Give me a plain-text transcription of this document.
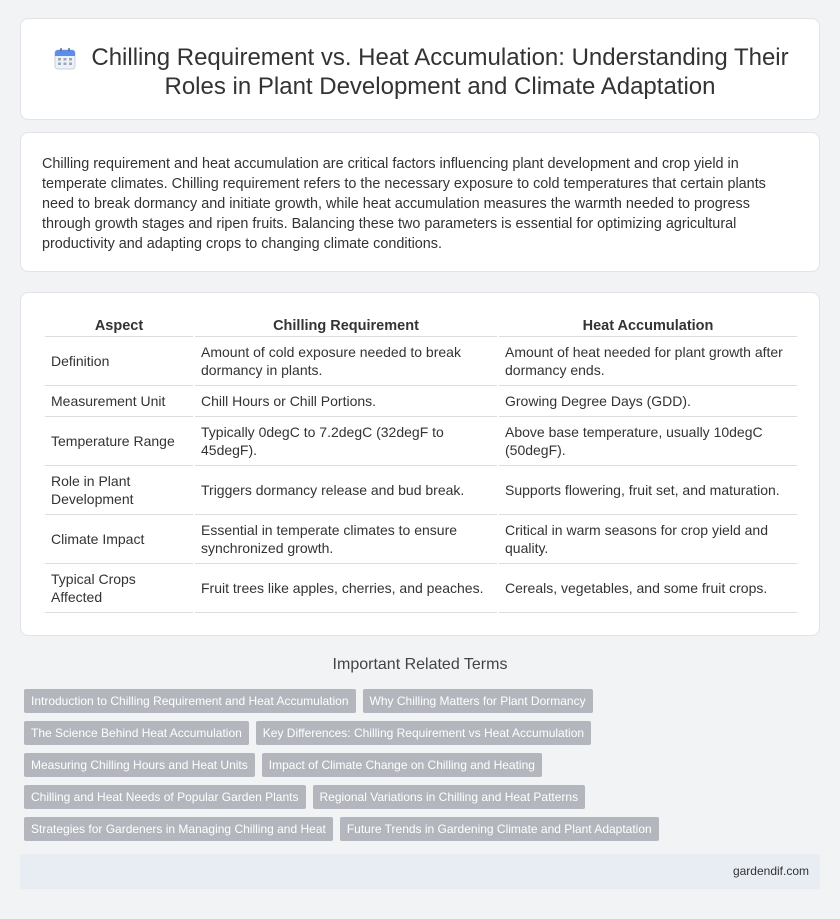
Chilling Requirement vs. Heat Accumulation: Understanding Their Roles in Plant Development and Climate Adaptation

Chilling requirement and heat accumulation are critical factors influencing plant development and crop yield in temperate climates. Chilling requirement refers to the necessary exposure to cold temperatures that certain plants need to break dormancy and initiate growth, while heat accumulation measures the warmth needed to progress through growth stages and ripen fruits. Balancing these two parameters is essential for optimizing agricultural productivity and adapting crops to changing climate conditions.

Aspect	Chilling Requirement	Heat Accumulation
Definition	Amount of cold exposure needed to break dormancy in plants.	Amount of heat needed for plant growth after dormancy ends.
Measurement Unit	Chill Hours or Chill Portions.	Growing Degree Days (GDD).
Temperature Range	Typically 0degC to 7.2degC (32degF to 45degF).	Above base temperature, usually 10degC (50degF).
Role in Plant Development	Triggers dormancy release and bud break.	Supports flowering, fruit set, and maturation.
Climate Impact	Essential in temperate climates to ensure synchronized growth.	Critical in warm seasons for crop yield and quality.
Typical Crops Affected	Fruit trees like apples, cherries, and peaches.	Cereals, vegetables, and some fruit crops.
Important Related Terms
Introduction to Chilling Requirement and Heat Accumulation	Why Chilling Matters for Plant Dormancy
The Science Behind Heat Accumulation	Key Differences: Chilling Requirement vs Heat Accumulation
Measuring Chilling Hours and Heat Units	Impact of Climate Change on Chilling and Heating
Chilling and Heat Needs of Popular Garden Plants	Regional Variations in Chilling and Heat Patterns
Strategies for Gardeners in Managing Chilling and Heat	Future Trends in Gardening Climate and Plant Adaptation
gardendif.com
